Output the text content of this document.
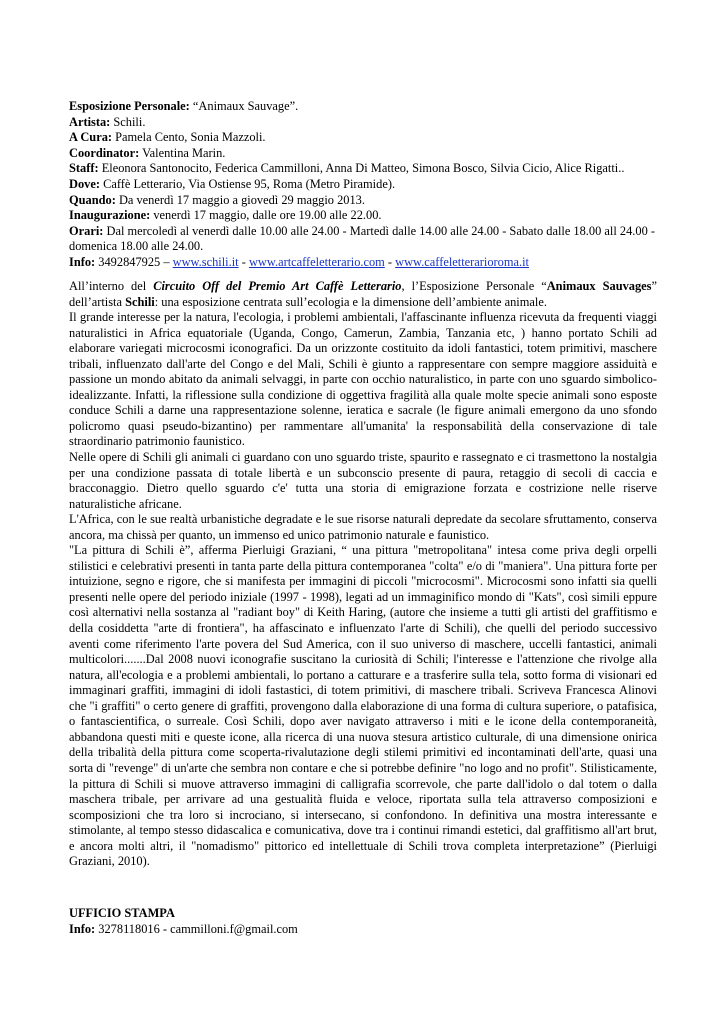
Esposizione Personale: “Animaux Sauvage”.

Artista: Schili.

A Cura: Pamela Cento, Sonia Mazzoli.

Coordinator: Valentina Marin.

Staff: Eleonora Santonocito, Federica Cammilloni, Anna Di Matteo, Simona Bosco, Silvia Cicio, Alice Rigatti..

Dove: Caffè Letterario, Via Ostiense 95, Roma (Metro Piramide).

Quando: Da venerdì 17 maggio a giovedì 29 maggio 2013.

Inaugurazione: venerdì 17 maggio, dalle ore 19.00 alle 22.00.

Orari: Dal mercoledì al venerdì dalle 10.00 alle 24.00 - Martedì dalle 14.00 alle 24.00 - Sabato dalle 18.00 all 24.00 - domenica 18.00 alle 24.00.

Info: 3492847925 – www.schili.it - www.artcaffeletterario.com - www.caffeletterarioroma.it

All’interno del Circuito Off del Premio Art Caffè Letterario, l’Esposizione Personale “Animaux Sauvages” dell’artista Schili: una esposizione centrata sull’ecologia e la dimensione dell’ambiente animale.

Il grande interesse per la natura, l'ecologia, i problemi ambientali, l'affascinante influenza ricevuta da frequenti viaggi naturalistici in Africa equatoriale (Uganda, Congo, Camerun, Zambia, Tanzania etc, ) hanno portato Schili ad elaborare variegati microcosmi iconografici. Da un orizzonte costituito da idoli fantastici, totem primitivi, maschere tribali, influenzato dall'arte del Congo e del Mali, Schili è giunto a rappresentare con sempre maggiore assiduità e passione un mondo abitato da animali selvaggi, in parte con occhio naturalistico, in parte con uno sguardo simbolico- idealizzante. Infatti, la riflessione sulla condizione di oggettiva fragilità alla quale molte specie animali sono esposte conduce Schili a darne una rappresentazione solenne, ieratica e sacrale (le figure animali emergono da uno sfondo policromo quasi pseudo-bizantino) per rammentare all'umanita' la responsabilità della conservazione di tale straordinario patrimonio faunistico.

Nelle opere di Schili gli animali ci guardano con uno sguardo triste, spaurito e rassegnato e ci trasmettono la nostalgia per una condizione passata di totale libertà e un subconscio presente di paura, retaggio di secoli di caccia e bracconaggio. Dietro quello sguardo c'e' tutta una storia di emigrazione forzata e costrizione nelle riserve naturalistiche africane.

L'Africa, con le sue realtà urbanistiche degradate e le sue risorse naturali depredate da secolare sfruttamento, conserva ancora, ma chissà per quanto, un immenso ed unico patrimonio naturale e faunistico.

"La pittura di Schili è”, afferma Pierluigi Graziani, “ una pittura "metropolitana" intesa come priva degli orpelli stilistici e celebrativi presenti in tanta parte della pittura contemporanea "colta" e/o di "maniera". Una pittura forte per intuizione, segno e rigore, che si manifesta per immagini di piccoli "microcosmi". Microcosmi sono infatti sia quelli presenti nelle opere del periodo iniziale (1997 - 1998), legati ad un immaginifico mondo di "Kats", così simili eppure così alternativi nella sostanza al "radiant boy" di Keith Haring, (autore che insieme a tutti gli artisti del graffitismo e della cosiddetta "arte di frontiera", ha affascinato e influenzato l'arte di Schili), che quelli del periodo successivo aventi come riferimento l'arte povera del Sud America, con il suo universo di maschere, uccelli fantastici, animali multicolori.......Dal 2008 nuovi iconografie suscitano la curiosità di Schili; l'interesse e l'attenzione che rivolge alla natura, all'ecologia e a problemi ambientali, lo portano a catturare e a trasferire sulla tela, sotto forma di visionari ed immaginari graffiti, immagini di idoli fastastici, di totem primitivi, di maschere tribali. Scriveva Francesca Alinovi che "i graffiti" o certo genere di graffiti, provengono dalla elaborazione di una forma di cultura superiore, o patafisica, o fantascientifica, o surreale. Così Schili, dopo aver navigato attraverso i miti e le icone della contemporaneità, abbandona questi miti e queste icone, alla ricerca di una nuova stesura artistico culturale, di una dimensione onirica della tribalità della pittura come scoperta-rivalutazione degli stilemi primitivi ed incontaminati dell'arte, quasi una sorta di "revenge" di un'arte che sembra non contare e che si potrebbe definire "no logo and no profit". Stilisticamente, la pittura di Schili si muove attraverso immagini di calligrafia scorrevole, che parte dall'idolo o dal totem o dalla maschera tribale, per arrivare ad una gestualità fluida e veloce, riportata sulla tela attraverso composizioni e scomposizioni che tra loro si incrociano, si intersecano, si confondono. In definitiva una mostra interessante e stimolante, al tempo stesso didascalica e comunicativa, dove tra i continui rimandi estetici, dal graffitismo all'art brut, e ancora molti altri, il "nomadismo" pittorico ed intellettuale di Schili trova completa interpretazione” (Pierluigi Graziani, 2010).

UFFICIO STAMPA

Info: 3278118016 - cammilloni.f@gmail.com
